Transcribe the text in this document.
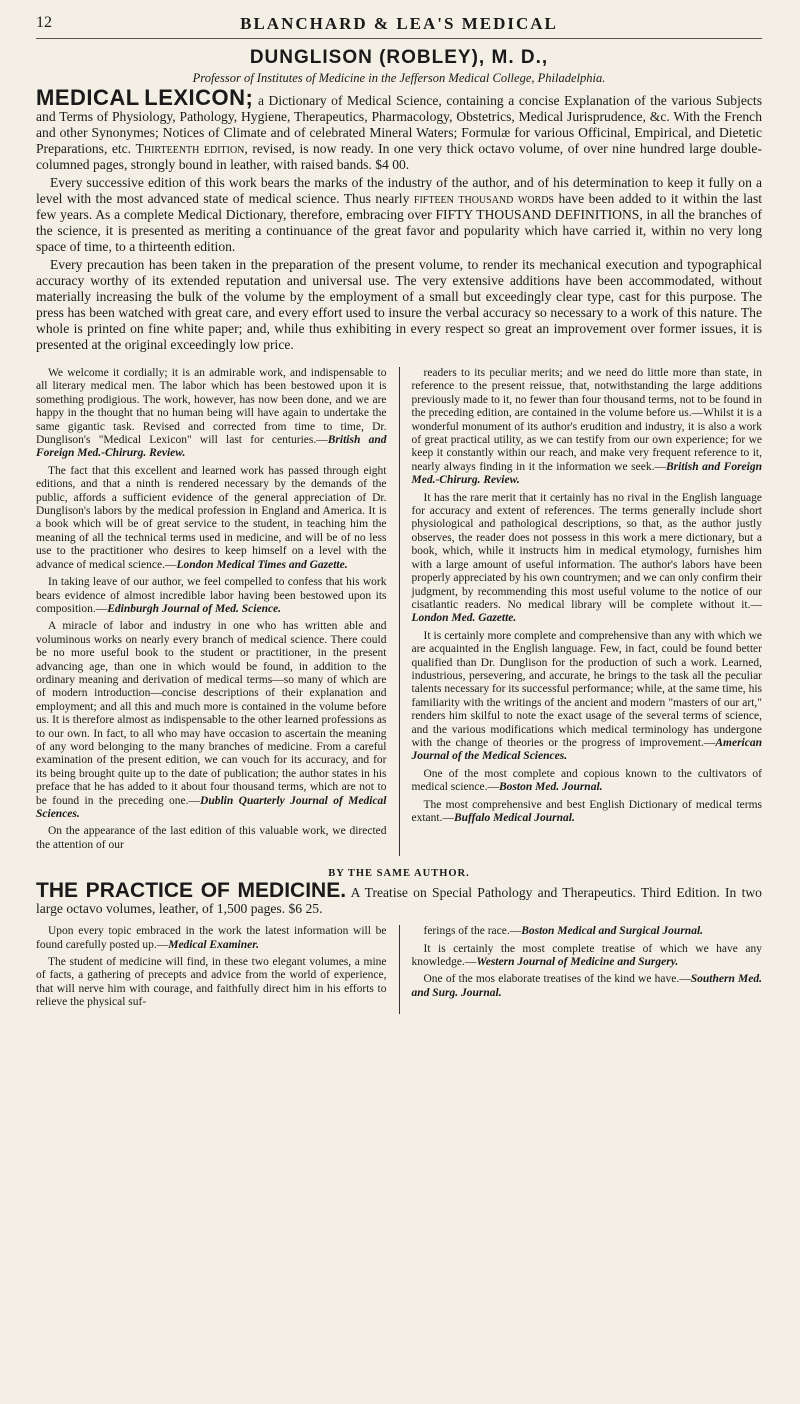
12	BLANCHARD & LEA'S MEDICAL
DUNGLISON (ROBLEY), M. D.,
Professor of Institutes of Medicine in the Jefferson Medical College, Philadelphia.

MEDICAL LEXICON; a Dictionary of Medical Science, containing a concise Explanation of the various Subjects and Terms of Physiology, Pathology, Hygiene, Therapeutics, Pharmacology, Obstetrics, Medical Jurisprudence, &c. With the French and other Synonymes; Notices of Climate and of celebrated Mineral Waters; Formulæ for various Officinal, Empirical, and Dietetic Preparations, etc. Thirteenth edition, revised, is now ready. In one very thick octavo volume, of over nine hundred large double-columned pages, strongly bound in leather, with raised bands. $4 00.

Every successive edition of this work bears the marks of the industry of the author, and of his determination to keep it fully on a level with the most advanced state of medical science. Thus nearly fifteen thousand words have been added to it within the last few years. As a complete Medical Dictionary, therefore, embracing over FIFTY THOUSAND DEFINITIONS, in all the branches of the science, it is presented as meriting a continuance of the great favor and popularity which have carried it, within no very long space of time, to a thirteenth edition.

Every precaution has been taken in the preparation of the present volume, to render its mechanical execution and typographical accuracy worthy of its extended reputation and universal use. The very extensive additions have been accommodated, without materially increasing the bulk of the volume by the employment of a small but exceedingly clear type, cast for this purpose. The press has been watched with great care, and every effort used to insure the verbal accuracy so necessary to a work of this nature. The whole is printed on fine white paper; and, while thus exhibiting in every respect so great an improvement over former issues, it is presented at the original exceedingly low price.

We welcome it cordially; it is an admirable work, and indispensable to all literary medical men. The labor which has been bestowed upon it is something prodigious. The work, however, has now been done, and we are happy in the thought that no human being will have again to undertake the same gigantic task. Revised and corrected from time to time, Dr. Dunglison's "Medical Lexicon" will last for centuries.—British and Foreign Med.-Chirurg. Review.

The fact that this excellent and learned work has passed through eight editions, and that a ninth is rendered necessary by the demands of the public, affords a sufficient evidence of the general appreciation of Dr. Dunglison's labors by the medical profession in England and America. It is a book which will be of great service to the student, in teaching him the meaning of all the technical terms used in medicine, and will be of no less use to the practitioner who desires to keep himself on a level with the advance of medical science.—London Medical Times and Gazette.

In taking leave of our author, we feel compelled to confess that his work bears evidence of almost incredible labor having been bestowed upon its composition.—Edinburgh Journal of Med. Science.

A miracle of labor and industry in one who has written able and voluminous works on nearly every branch of medical science. There could be no more useful book to the student or practitioner, in the present advancing age, than one in which would be found, in addition to the ordinary meaning and derivation of medical terms—so many of which are of modern introduction—concise descriptions of their explanation and employment; and all this and much more is contained in the volume before us. It is therefore almost as indispensable to the other learned professions as to our own. In fact, to all who may have occasion to ascertain the meaning of any word belonging to the many branches of medicine. From a careful examination of the present edition, we can vouch for its accuracy, and for its being brought quite up to the date of publication; the author states in his preface that he has added to it about four thousand terms, which are not to be found in the preceding one.—Dublin Quarterly Journal of Medical Sciences.

On the appearance of the last edition of this valuable work, we directed the attention of our

readers to its peculiar merits; and we need do little more than state, in reference to the present reissue, that, notwithstanding the large additions previously made to it, no fewer than four thousand terms, not to be found in the preceding edition, are contained in the volume before us.—Whilst it is a wonderful monument of its author's erudition and industry, it is also a work of great practical utility, as we can testify from our own experience; for we keep it constantly within our reach, and make very frequent reference to it, nearly always finding in it the information we seek.—British and Foreign Med.-Chirurg. Review.

It has the rare merit that it certainly has no rival in the English language for accuracy and extent of references. The terms generally include short physiological and pathological descriptions, so that, as the author justly observes, the reader does not possess in this work a mere dictionary, but a book, which, while it instructs him in medical etymology, furnishes him with a large amount of useful information. The author's labors have been properly appreciated by his own countrymen; and we can only confirm their judgment, by recommending this most useful volume to the notice of our cisatlantic readers. No medical library will be complete without it.—London Med. Gazette.

It is certainly more complete and comprehensive than any with which we are acquainted in the English language. Few, in fact, could be found better qualified than Dr. Dunglison for the production of such a work. Learned, industrious, persevering, and accurate, he brings to the task all the peculiar talents necessary for its successful performance; while, at the same time, his familiarity with the writings of the ancient and modern "masters of our art," renders him skilful to note the exact usage of the several terms of science, and the various modifications which medical terminology has undergone with the change of theories or the progress of improvement.—American Journal of the Medical Sciences.

One of the most complete and copious known to the cultivators of medical science.—Boston Med. Journal.

The most comprehensive and best English Dictionary of medical terms extant.—Buffalo Medical Journal.

BY THE SAME AUTHOR.

THE PRACTICE OF MEDICINE. A Treatise on Special Pathology and Therapeutics. Third Edition. In two large octavo volumes, leather, of 1,500 pages. $6 25.

Upon every topic embraced in the work the latest information will be found carefully posted up.—Medical Examiner.

The student of medicine will find, in these two elegant volumes, a mine of facts, a gathering of precepts and advice from the world of experience, that will nerve him with courage, and faithfully direct him in his efforts to relieve the physical suf-

ferings of the race.—Boston Medical and Surgical Journal.

It is certainly the most complete treatise of which we have any knowledge.—Western Journal of Medicine and Surgery.

One of the mos elaborate treatises of the kind we have.—Southern Med. and Surg. Journal.
